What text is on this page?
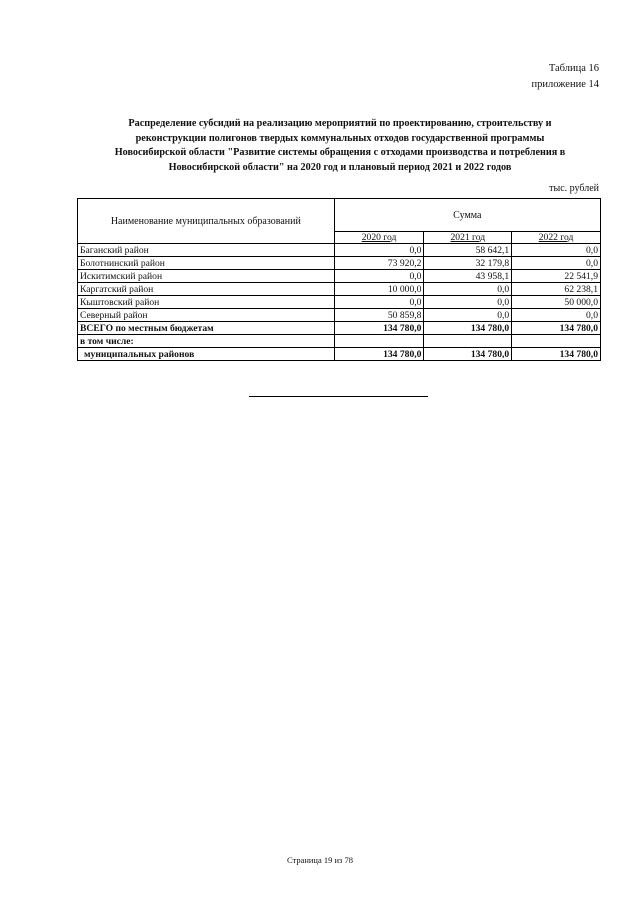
Таблица 16
приложение 14
Распределение субсидий на реализацию мероприятий по проектированию, строительству и
реконструкции полигонов твердых коммунальных отходов государственной программы
Новосибирской области "Развитие системы обращения с отходами производства и потребления в
Новосибирской области" на 2020 год и плановый период 2021 и 2022 годов
тыс. рублей
Наименование муниципальных образований	Сумма		
	2020 год	2021 год	2022 год
Баганский район	0,0	58 642,1	0,0
Болотнинский район	73 920,2	32 179,8	0,0
Искитимский район	0,0	43 958,1	22 541,9
Каргатский район	10 000,0	0,0	62 238,1
Кыштовский район	0,0	0,0	50 000,0
Северный район	50 859,8	0,0	0,0
ВСЕГО по местным бюджетам	134 780,0	134 780,0	134 780,0
в том числе:			
муниципальных районов	134 780,0	134 780,0	134 780,0
Страница 19 из 78
